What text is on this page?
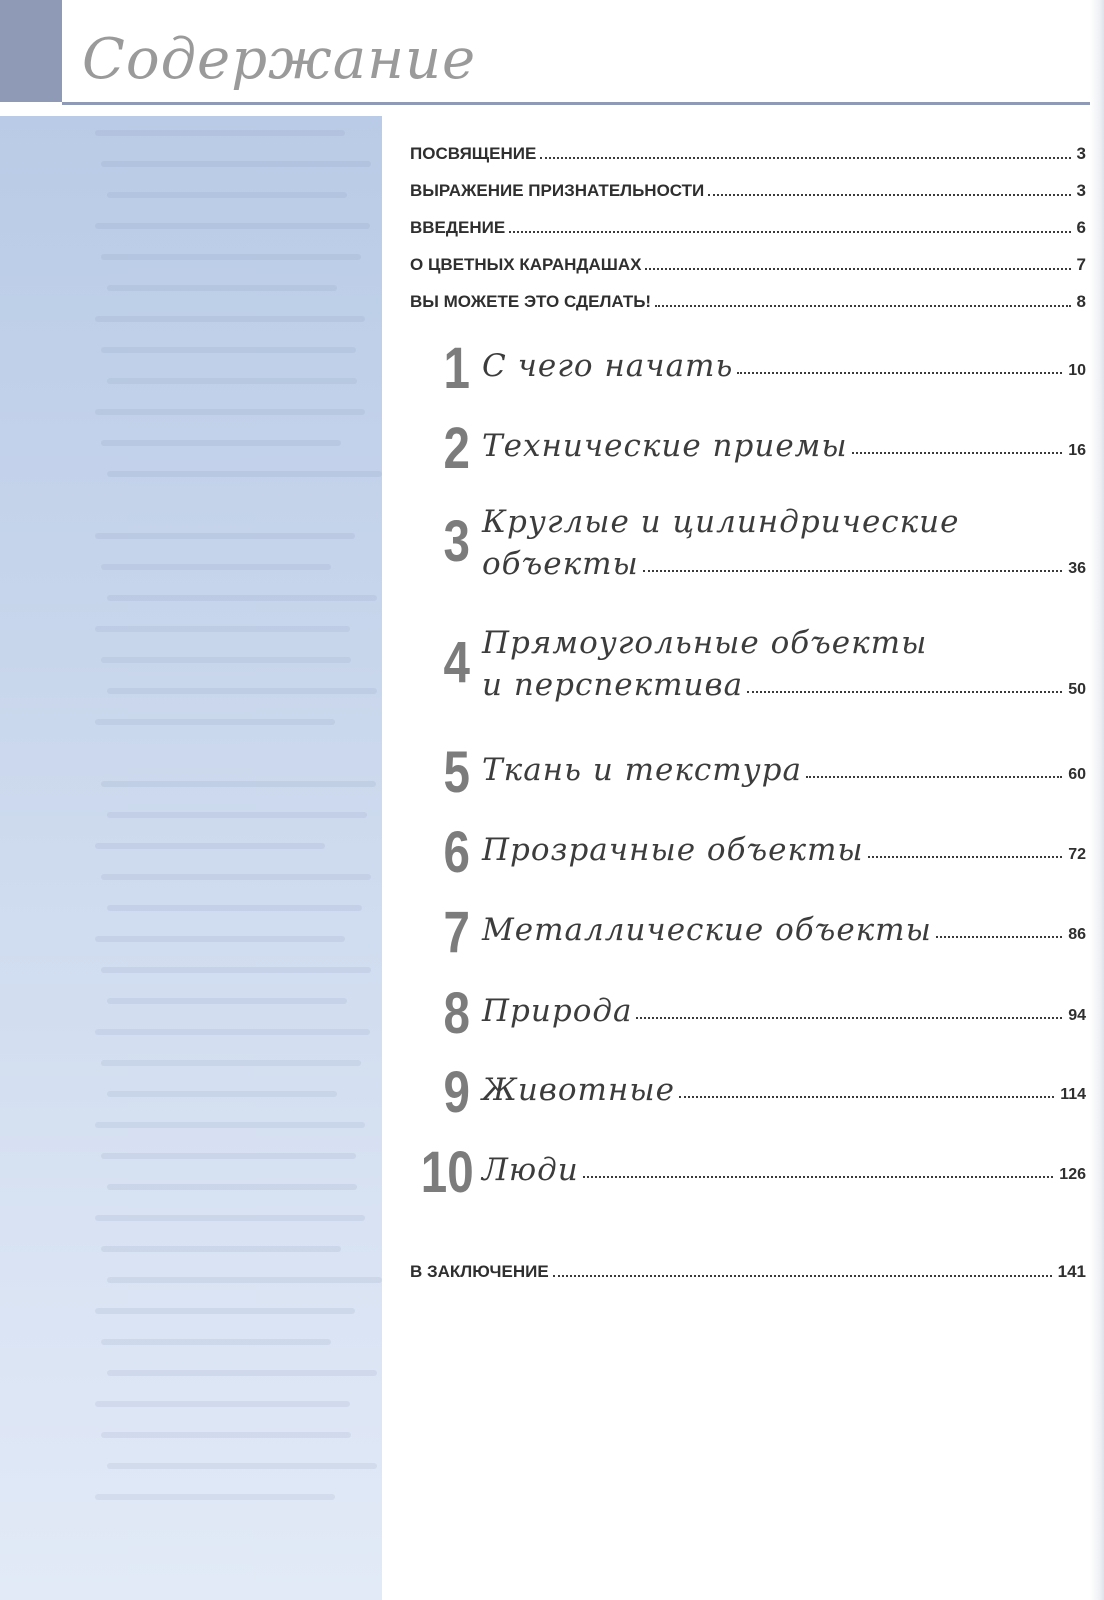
Содержание
ПОСВЯЩЕНИЕ	3
ВЫРАЖЕНИЕ ПРИЗНАТЕЛЬНОСТИ	3
ВВЕДЕНИЕ	6
О ЦВЕТНЫХ КАРАНДАШАХ	7
ВЫ МОЖЕТЕ ЭТО СДЕЛАТЬ!	8
1 С чего начать	10
2 Технические приемы	16
3 Круглые и цилиндрические
объекты	36
4 Прямоугольные объекты
и перспектива	50
5 Ткань и текстура	60
6 Прозрачные объекты	72
7 Металлические объекты	86
8 Природа	94
9 Животные	114
10 Люди	126
В ЗАКЛЮЧЕНИЕ	141
